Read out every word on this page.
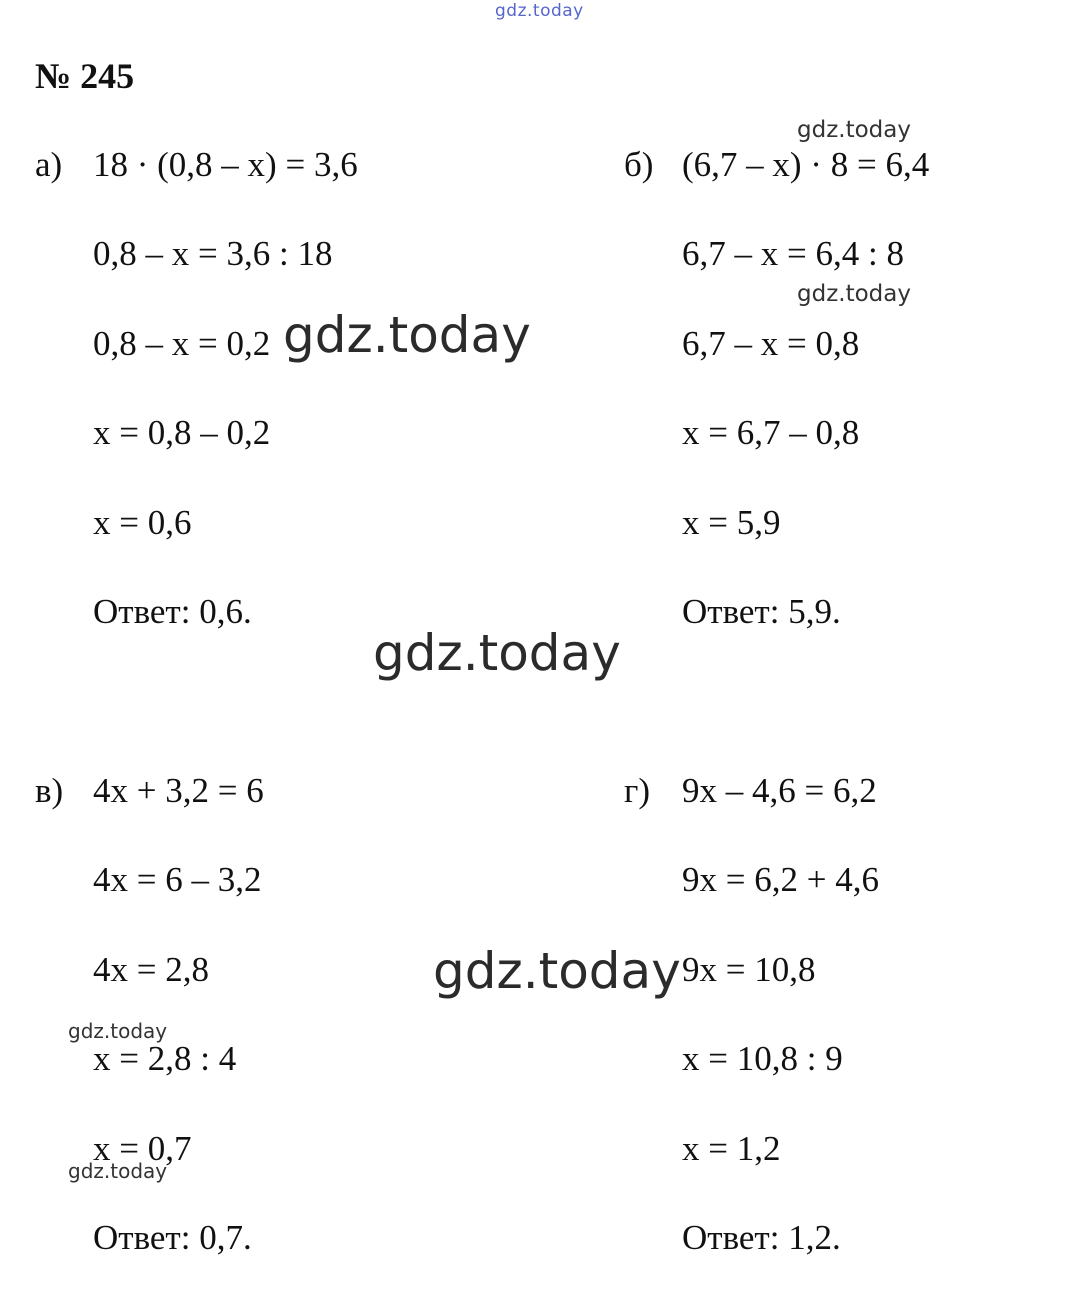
gdz.today
№ 245
а) 18 · (0,8 – x) = 3,6
0,8 – x = 3,6 : 18
0,8 – x = 0,2
x = 0,8 – 0,2
x = 0,6
Ответ: 0,6.
б) (6,7 – x) · 8 = 6,4
6,7 – x = 6,4 : 8
6,7 – x = 0,8
x = 6,7 – 0,8
x = 5,9
Ответ: 5,9.
в) 4x + 3,2 = 6
4x = 6 – 3,2
4x = 2,8
x = 2,8 : 4
x = 0,7
Ответ: 0,7.
г) 9x – 4,6 = 6,2
9x = 6,2 + 4,6
9x = 10,8
x = 10,8 : 9
x = 1,2
Ответ: 1,2.
gdz.today
gdz.today
gdz.today
gdz.today
gdz.today
gdz.today
gdz.today
